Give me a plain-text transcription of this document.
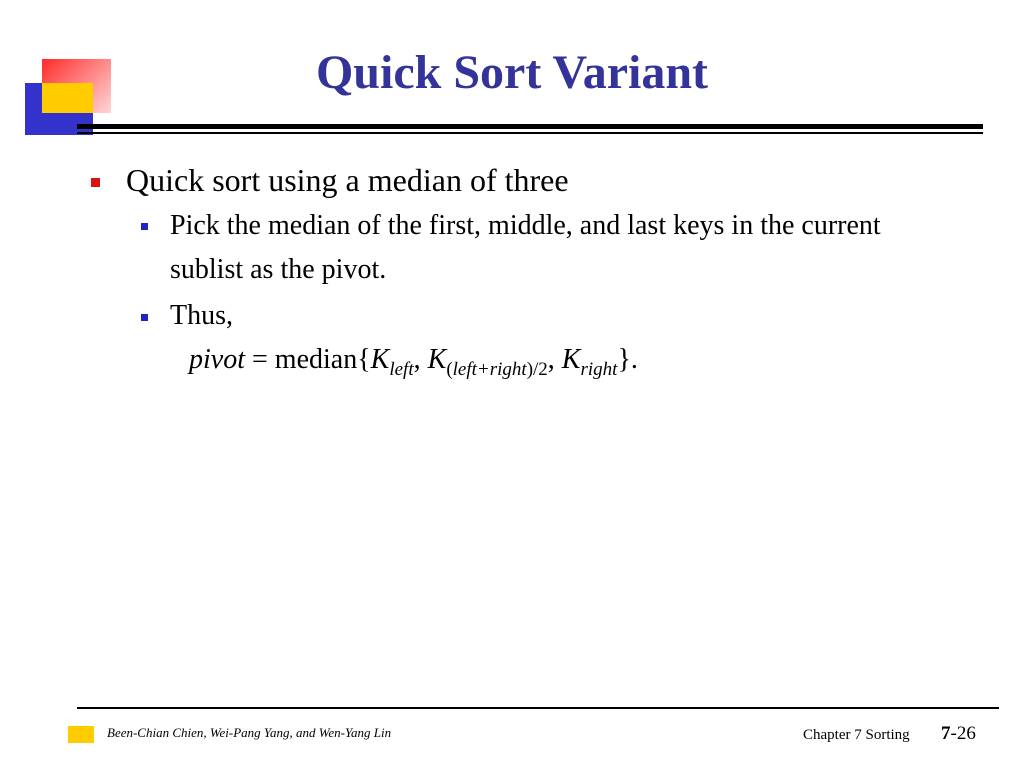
Quick Sort Variant
Quick sort using a median of three
Pick the median of the first, middle, and last keys in the current sublist as the pivot.
Thus,
pivot = $median\{K_{left}$, $K_{(left+right)/2}$, $K_{right}$}.
Been-Chian Chien, Wei-Pang Yang, and Wen-Yang Lin	Chapter 7 Sorting 7-26
